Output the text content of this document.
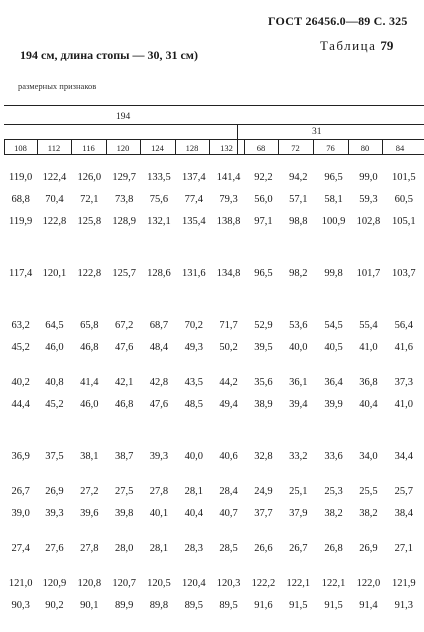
ГОСТ 26456.0—89 С. 325
Таблица 79
194 см, длина стопы — 30, 31 см)
размерных признаков
194
31
108	112	116	120	124	128	132	68	72	76	80	84
119,0	122,4	126,0	129,7	133,5	137,4	141,4	92,2	94,2	96,5	99,0	101,5
68,8	70,4	72,1	73,8	75,6	77,4	79,3	56,0	57,1	58,1	59,3	60,5
119,9	122,8	125,8	128,9	132,1	135,4	138,8	97,1	98,8	100,9	102,8	105,1

117,4	120,1	122,8	125,7	128,6	131,6	134,8	96,5	98,2	99,8	101,7	103,7

63,2	64,5	65,8	67,2	68,7	70,2	71,7	52,9	53,6	54,5	55,4	56,4
45,2	46,0	46,8	47,6	48,4	49,3	50,2	39,5	40,0	40,5	41,0	41,6

40,2	40,8	41,4	42,1	42,8	43,5	44,2	35,6	36,1	36,4	36,8	37,3
44,4	45,2	46,0	46,8	47,6	48,5	49,4	38,9	39,4	39,9	40,4	41,0

36,9	37,5	38,1	38,7	39,3	40,0	40,6	32,8	33,2	33,6	34,0	34,4

26,7	26,9	27,2	27,5	27,8	28,1	28,4	24,9	25,1	25,3	25,5	25,7
39,0	39,3	39,6	39,8	40,1	40,4	40,7	37,7	37,9	38,2	38,2	38,4

27,4	27,6	27,8	28,0	28,1	28,3	28,5	26,6	26,7	26,8	26,9	27,1

121,0	120,9	120,8	120,7	120,5	120,4	120,3	122,2	122,1	122,1	122,0	121,9
90,3	90,2	90,1	89,9	89,8	89,5	89,5	91,6	91,5	91,5	91,4	91,3
